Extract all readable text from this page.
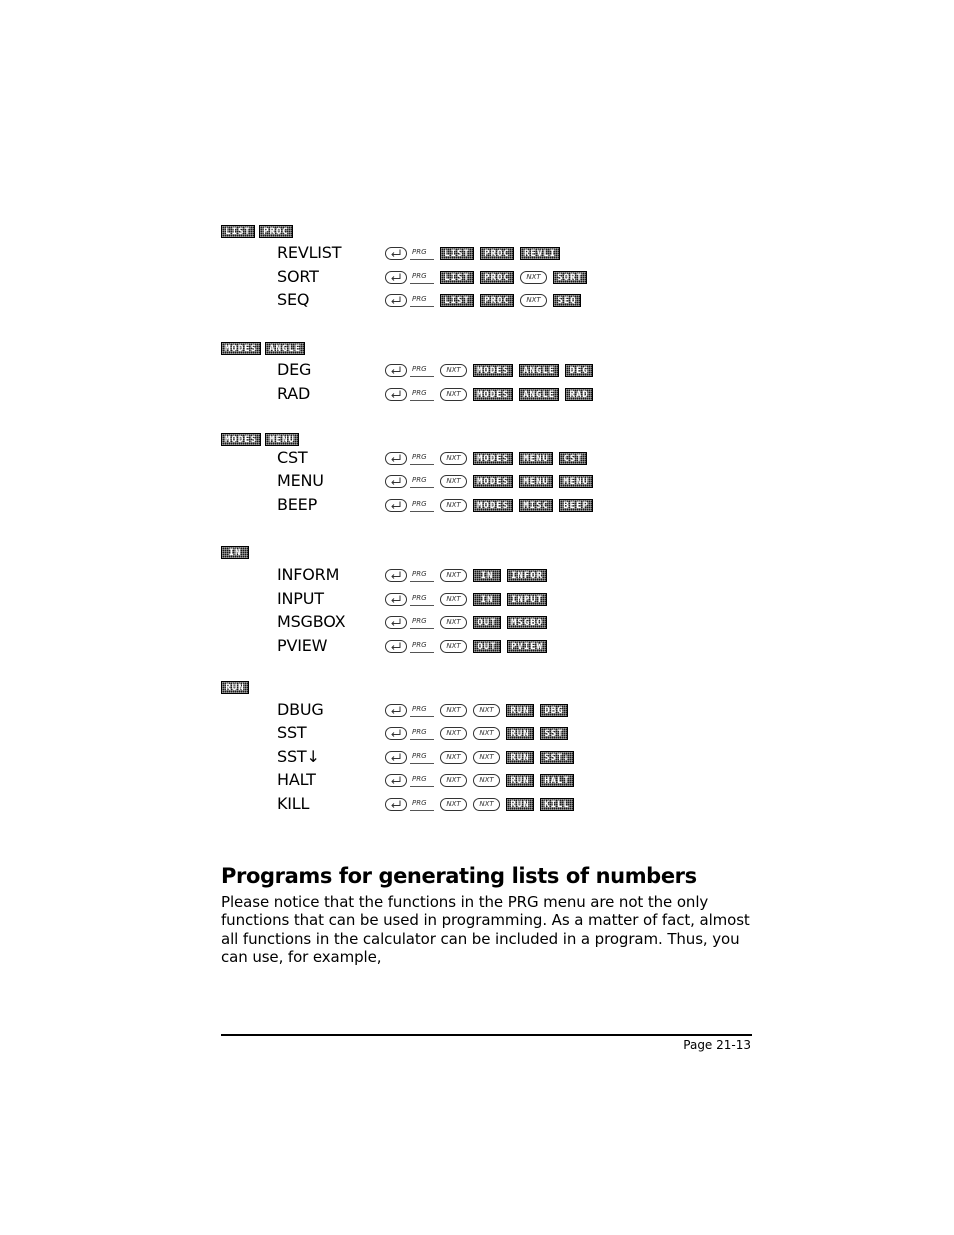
LIST	PROC
REVLIST	PRG	LIST	PROC	REVLI
SORT	PRG	LIST	PROC	NXT	SORT
SEQ	PRG	LIST	PROC	NXT	SEQ
MODES	ANGLE
DEG	PRG	NXT	MODES	ANGLE	DEG
RAD	PRG	NXT	MODES	ANGLE	RAD
MODES	MENU
CST	PRG	NXT	MODES	MENU	CST
MENU	PRG	NXT	MODES	MENU	MENU
BEEP	PRG	NXT	MODES	MISC	BEEP
IN
INFORM	PRG	NXT	IN	INFOR
INPUT	PRG	NXT	IN	INPUT
MSGBOX	PRG	NXT	OUT	MSGBO
PVIEW	PRG	NXT	OUT	PVIEW
RUN
DBUG	PRG	NXT	NXT	RUN	DBG
SST	PRG	NXT	NXT	RUN	SST
SST↓	PRG	NXT	NXT	RUN	SST↓
HALT	PRG	NXT	NXT	RUN	HALT
KILL	PRG	NXT	NXT	RUN	KILL
Programs for generating lists of numbers

Please notice that the functions in the PRG menu are not the only functions that can be used in programming. As a matter of fact, almost all functions in the calculator can be included in a program. Thus, you can use, for example,

Page 21-13
